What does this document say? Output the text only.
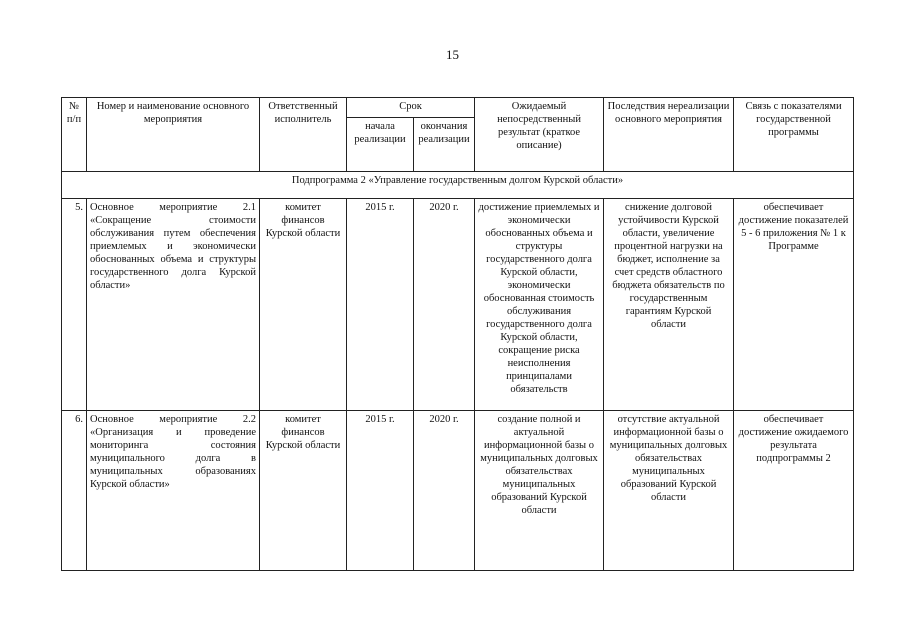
15
№ п/п	Номер и наименование основного мероприятия	Ответственный исполнитель	Срок		Ожидаемый непосредственный результат (краткое описание)	Последствия нереализации основного мероприятия	Связь с показателями государственной программы
			начала реализации	окончания реализации			
Подпрограмма 2 «Управление государственным долгом Курской области»							
5.	Основное мероприятие 2.1 «Сокращение стоимости обслуживания путем обеспечения приемлемых и экономически обоснованных объема и структуры государственного долга Курской области»	комитет финансов Курской области	2015 г.	2020 г.	достижение приемлемых и экономически обоснованных объема и структуры государственного долга Курской области, экономически обоснованная стоимость обслуживания государственного долга Курской области, сокращение риска неисполнения принципалами обязательств	снижение долговой устойчивости Курской области, увеличение процентной нагрузки на бюджет, исполнение за счет средств областного бюджета обязательств по государственным гарантиям Курской области	обеспечивает достижение показателей 5 - 6 приложения № 1 к Программе
6.	Основное мероприятие 2.2 «Организация и проведение мониторинга состояния муниципального долга в муниципальных образованиях Курской области»	комитет финансов Курской области	2015 г.	2020 г.	создание полной и актуальной информационной базы о муниципальных долговых обязательствах муниципальных образований Курской области	отсутствие актуальной информационной базы о муниципальных долговых обязательствах муниципальных образований Курской области	обеспечивает достижение ожидаемого результата подпрограммы 2
